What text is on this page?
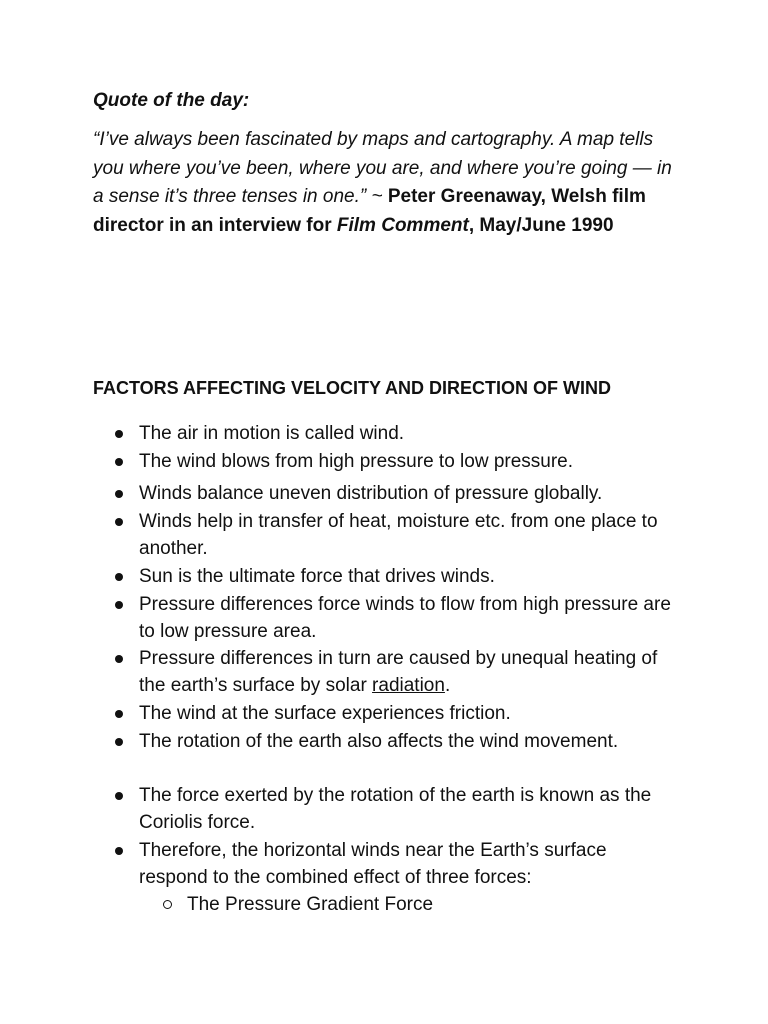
Quote of the day:

“I’ve always been fascinated by maps and cartography. A map tells you where you’ve been, where you are, and where you’re going — in a sense it’s three tenses in one.” ~ Peter Greenaway, Welsh film director in an interview for Film Comment, May/June 1990

FACTORS AFFECTING VELOCITY AND DIRECTION OF WIND

The air in motion is called wind.
The wind blows from high pressure to low pressure.
Winds balance uneven distribution of pressure globally.
Winds help in transfer of heat, moisture etc. from one place to another.
Sun is the ultimate force that drives winds.
Pressure differences force winds to flow from high pressure are to low pressure area.
Pressure differences in turn are caused by unequal heating of the earth’s surface by solar radiation.
The wind at the surface experiences friction.
The rotation of the earth also affects the wind movement.
The force exerted by the rotation of the earth is known as the Coriolis force.
Therefore, the horizontal winds near the Earth’s surface respond to the combined effect of three forces:
The Pressure Gradient Force
